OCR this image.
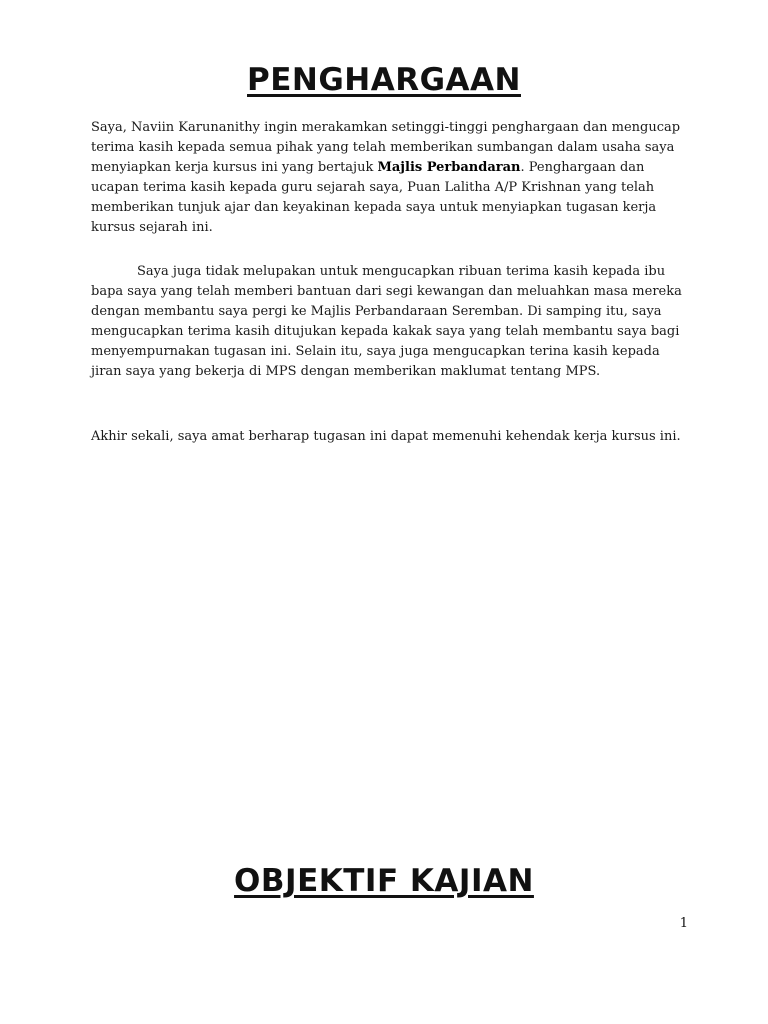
PENGHARGAAN

Saya, Naviin Karunanithy ingin merakamkan setinggi-tinggi penghargaan dan mengucap terima kasih kepada semua pihak yang telah memberikan sumbangan dalam usaha saya menyiapkan kerja kursus ini yang bertajuk Majlis Perbandaran. Penghargaan dan ucapan terima kasih kepada guru sejarah saya, Puan Lalitha A/P Krishnan yang telah memberikan tunjuk ajar dan keyakinan kepada saya untuk menyiapkan tugasan kerja kursus sejarah ini.

Saya juga tidak melupakan untuk mengucapkan ribuan terima kasih kepada ibu bapa saya yang telah memberi bantuan dari segi kewangan dan meluahkan masa mereka dengan membantu saya pergi ke Majlis Perbandaraan Seremban. Di samping itu, saya mengucapkan terima kasih ditujukan kepada kakak saya yang telah membantu saya bagi menyempurnakan tugasan ini. Selain itu, saya juga mengucapkan terina kasih kepada jiran saya yang bekerja di MPS dengan memberikan maklumat tentang MPS.

Akhir sekali, saya amat berharap tugasan ini dapat memenuhi kehendak kerja kursus ini.

OBJEKTIF KAJIAN
1
